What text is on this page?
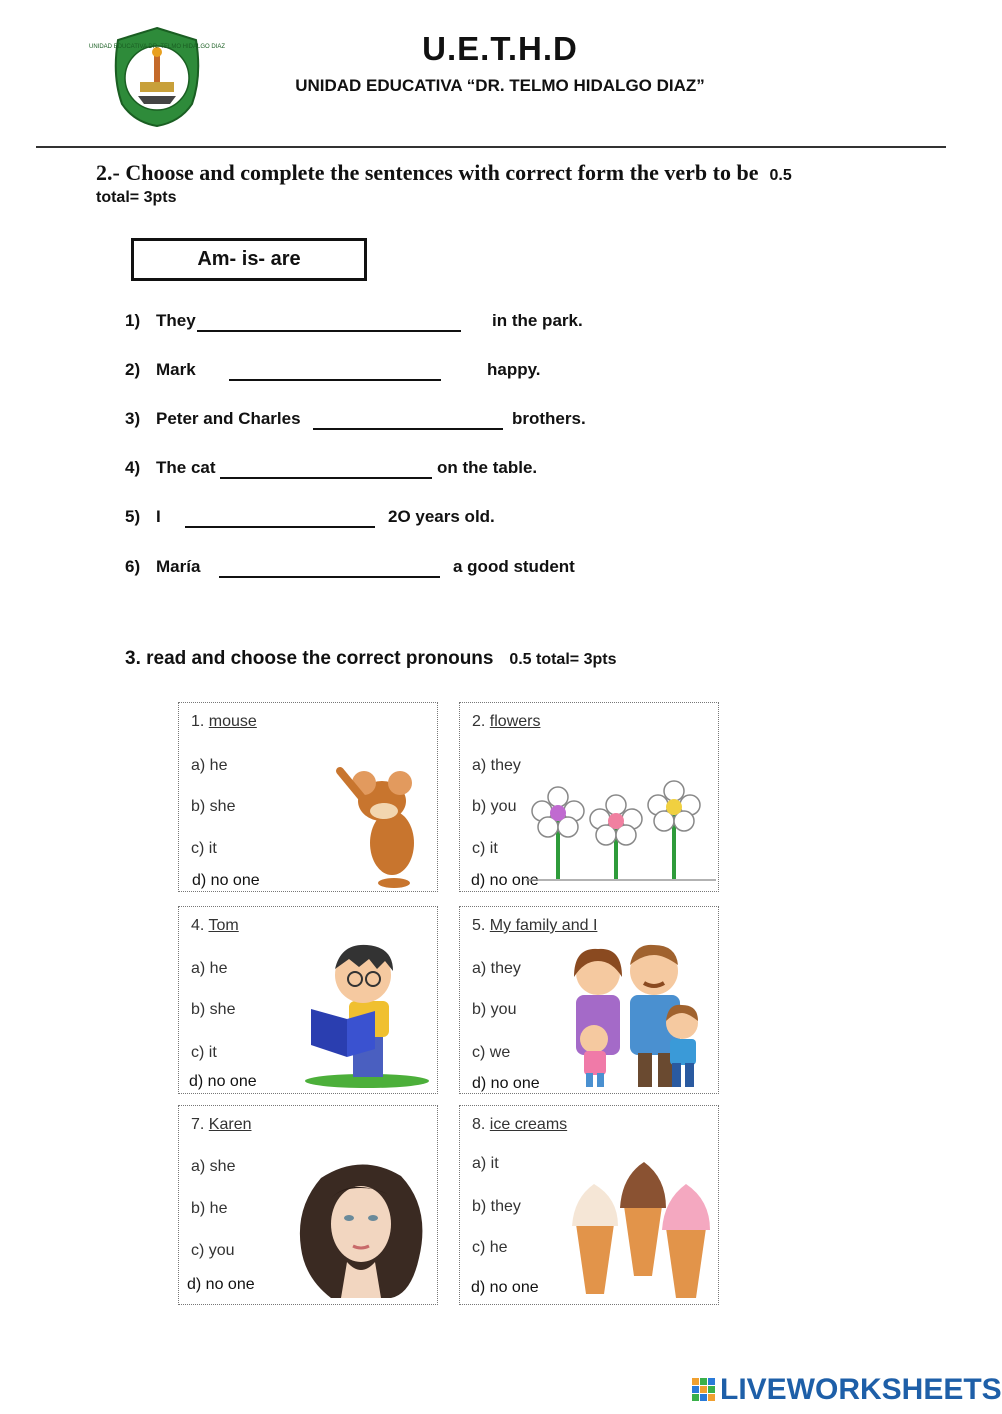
UNIDAD EDUCATIVA DR. TELMO HIDALGO DIAZ	U.E.T.H.D
UNIDAD EDUCATIVA “DR. TELMO HIDALGO DIAZ”
2.- Choose and complete the sentences with correct form the verb to be 0.5
total= 3pts
Am- is- are
1) They	in the park.
2) Mark	happy.
3) Peter and Charles	brothers.
4) The cat	on the table.
5) I	2O years old.
6) María	a good student
3. read and choose the correct pronouns 0.5 total= 3pts
1. mouse
a) he
b) she
c) it
d) no one
2. flowers
a) they
b) you
c) it
d) no one
4. Tom
a) he
b) she
c) it
d) no one
5. My family and I
a) they
b) you
c) we
d) no one
7. Karen
a) she
b) he
c) you
d) no one
8. ice creams
a) it
b) they
c) he
d) no one
LIVEWORKSHEETS
